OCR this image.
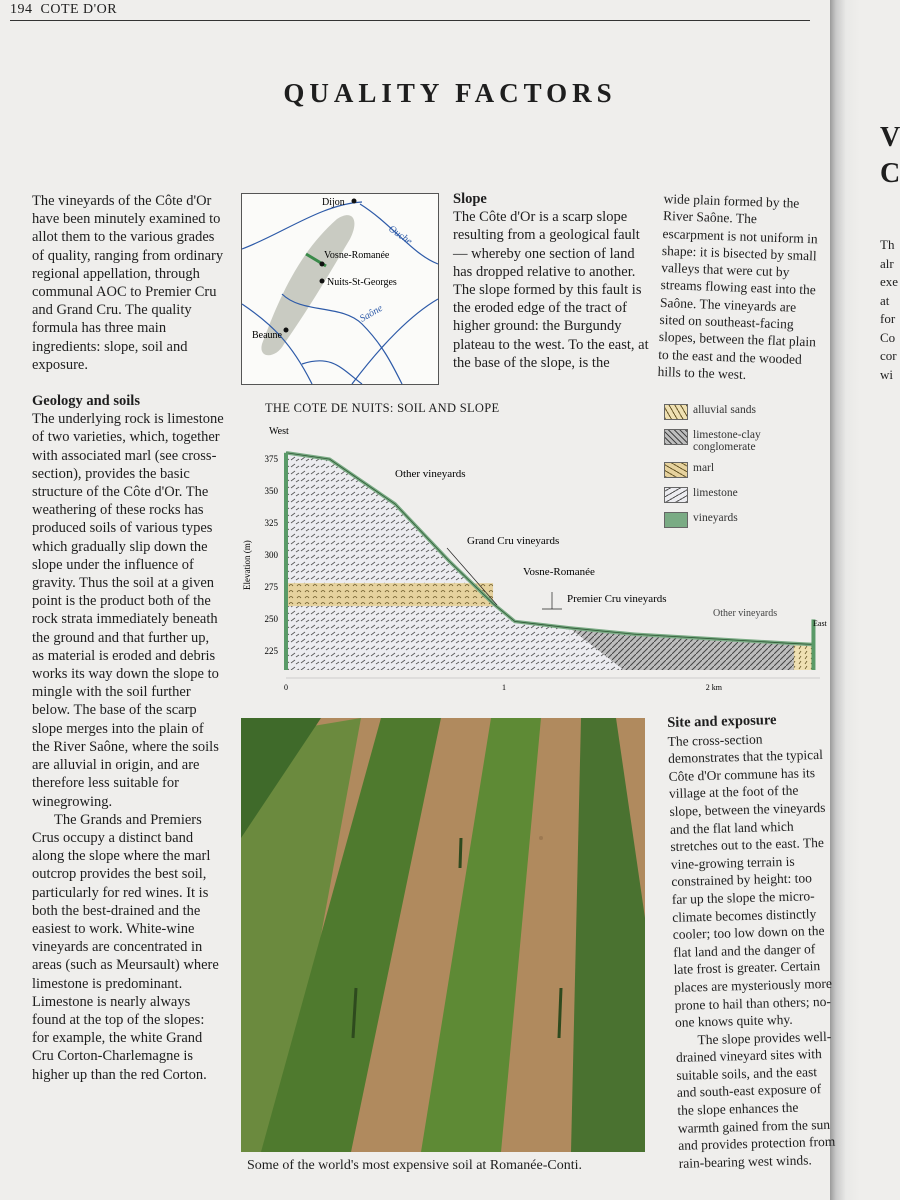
194 COTE D'OR
QUALITY FACTORS

The vineyards of the Côte d'Or have been minutely examined to allot them to the various grades of quality, ranging from ordinary regional appellation, through communal AOC to Premier Cru and Grand Cru. The quality formula has three main ingredients: slope, soil and exposure.

Geology and soils

The underlying rock is limestone of two varieties, which, together with associated marl (see cross-section), provides the basic structure of the Côte d'Or. The weathering of these rocks has produced soils of various types which gradually slip down the slope under the influence of gravity. Thus the soil at a given point is the product both of the rock strata immediately beneath the ground and that further up, as material is eroded and debris works its way down the slope to mingle with the soil further below. The base of the scarp slope merges into the plain of the River Saône, where the soils are alluvial in origin, and are therefore less suitable for winegrowing.

The Grands and Premiers Crus occupy a distinct band along the slope where the marl outcrop provides the best soil, particularly for red wines. It is both the best-drained and the easiest to work. White-wine vineyards are concentrated in areas (such as Meursault) where limestone is predominant. Limestone is nearly always found at the top of the slopes: for example, the white Grand Cru Corton-Charlemagne is higher up than the red Corton.

Dijon
Vosne-Romanée
Nuits-St-Georges
Beaune
Ouche
Saône

Slope

The Côte d'Or is a scarp slope resulting from a geological fault — whereby one section of land has dropped relative to another. The slope formed by this fault is the eroded edge of the tract of higher ground: the Burgundy plateau to the west. To the east, at the base of the slope, is the

wide plain formed by the River Saône. The escarpment is not uniform in shape: it is bisected by small valleys that were cut by streams flowing east into the Saône. The vineyards are sited on southeast-facing slopes, between the flat plain to the east and the wooded hills to the west.

THE COTE DE NUITS: SOIL AND SLOPE
375
350
325
300
275
250
225
0	1	2 km
West
East
Elevation (m)
Other vineyards
Grand Cru vineyards
Vosne-Romanée
Premier Cru vineyards
Other vineyards
alluvial sands
limestone-clay conglomerate
marl
limestone
vineyards
Some of the world's most expensive soil at Romanée-Conti.

Site and exposure

The cross-section demonstrates that the typical Côte d'Or commune has its village at the foot of the slope, between the vineyards and the flat land which stretches out to the east. The vine-growing terrain is constrained by height: too far up the slope the micro-climate becomes distinctly cooler; too low down on the flat land and the danger of late frost is greater. Certain places are mysteriously more prone to hail than others; no-one knows quite why.

The slope provides well-drained vineyard sites with suitable soils, and the east and south-east exposure of the slope enhances the warmth gained from the sun and provides protection from rain-bearing west winds.

V
C
Th
alr
exe
at
for
Co
cor
wi
